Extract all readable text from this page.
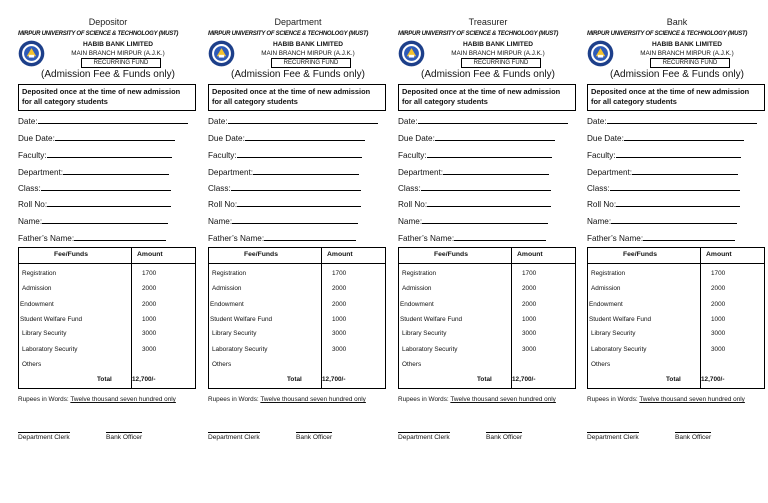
Depositor
MIRPUR UNIVERSITY OF SCIENCE & TECHNOLOGY (MUST)
HABIB BANK LIMITED
MAIN BRANCH MIRPUR (A.J.K.)
RECURRING FUND
(Admission Fee & Funds only)
Deposited once at the time of new admission
for all category students
Date:
Due Date:
Faculty:
Department:
Class:
Roll No:
Name:
Father’s Name:
Fee/Funds	Amount
Registration	1700
Admission	2000
Endowment	2000
Student Welfare Fund	1000
Library Security	3000
Laboratory Security	3000
Others
Total	12,700/-
Rupees in Words: Twelve thousand seven hundred only
Department Clerk	Bank Officer
Department
MIRPUR UNIVERSITY OF SCIENCE & TECHNOLOGY (MUST)
HABIB BANK LIMITED
MAIN BRANCH MIRPUR (A.J.K.)
RECURRING FUND
(Admission Fee & Funds only)
Deposited once at the time of new admission
for all category students
Date:
Due Date:
Faculty:
Department:
Class:
Roll No:
Name:
Father’s Name:
Fee/Funds	Amount
Registration	1700
Admission	2000
Endowment	2000
Student Welfare Fund	1000
Library Security	3000
Laboratory Security	3000
Others
Total	12,700/-
Rupees in Words: Twelve thousand seven hundred only
Department Clerk	Bank Officer
Treasurer
MIRPUR UNIVERSITY OF SCIENCE & TECHNOLOGY (MUST)
HABIB BANK LIMITED
MAIN BRANCH MIRPUR (A.J.K.)
RECURRING FUND
(Admission Fee & Funds only)
Deposited once at the time of new admission
for all category students
Date:
Due Date:
Faculty:
Department:
Class:
Roll No:
Name:
Father’s Name:
Fee/Funds	Amount
Registration	1700
Admission	2000
Endowment	2000
Student Welfare Fund	1000
Library Security	3000
Laboratory Security	3000
Others
Total	12,700/-
Rupees in Words: Twelve thousand seven hundred only
Department Clerk	Bank Officer
Bank
MIRPUR UNIVERSITY OF SCIENCE & TECHNOLOGY (MUST)
HABIB BANK LIMITED
MAIN BRANCH MIRPUR (A.J.K.)
RECURRING FUND
(Admission Fee & Funds only)
Deposited once at the time of new admission
for all category students
Date:
Due Date:
Faculty:
Department:
Class:
Roll No:
Name:
Father’s Name:
Fee/Funds	Amount
Registration	1700
Admission	2000
Endowment	2000
Student Welfare Fund	1000
Library Security	3000
Laboratory Security	3000
Others
Total	12,700/-
Rupees in Words: Twelve thousand seven hundred only
Department Clerk	Bank Officer
